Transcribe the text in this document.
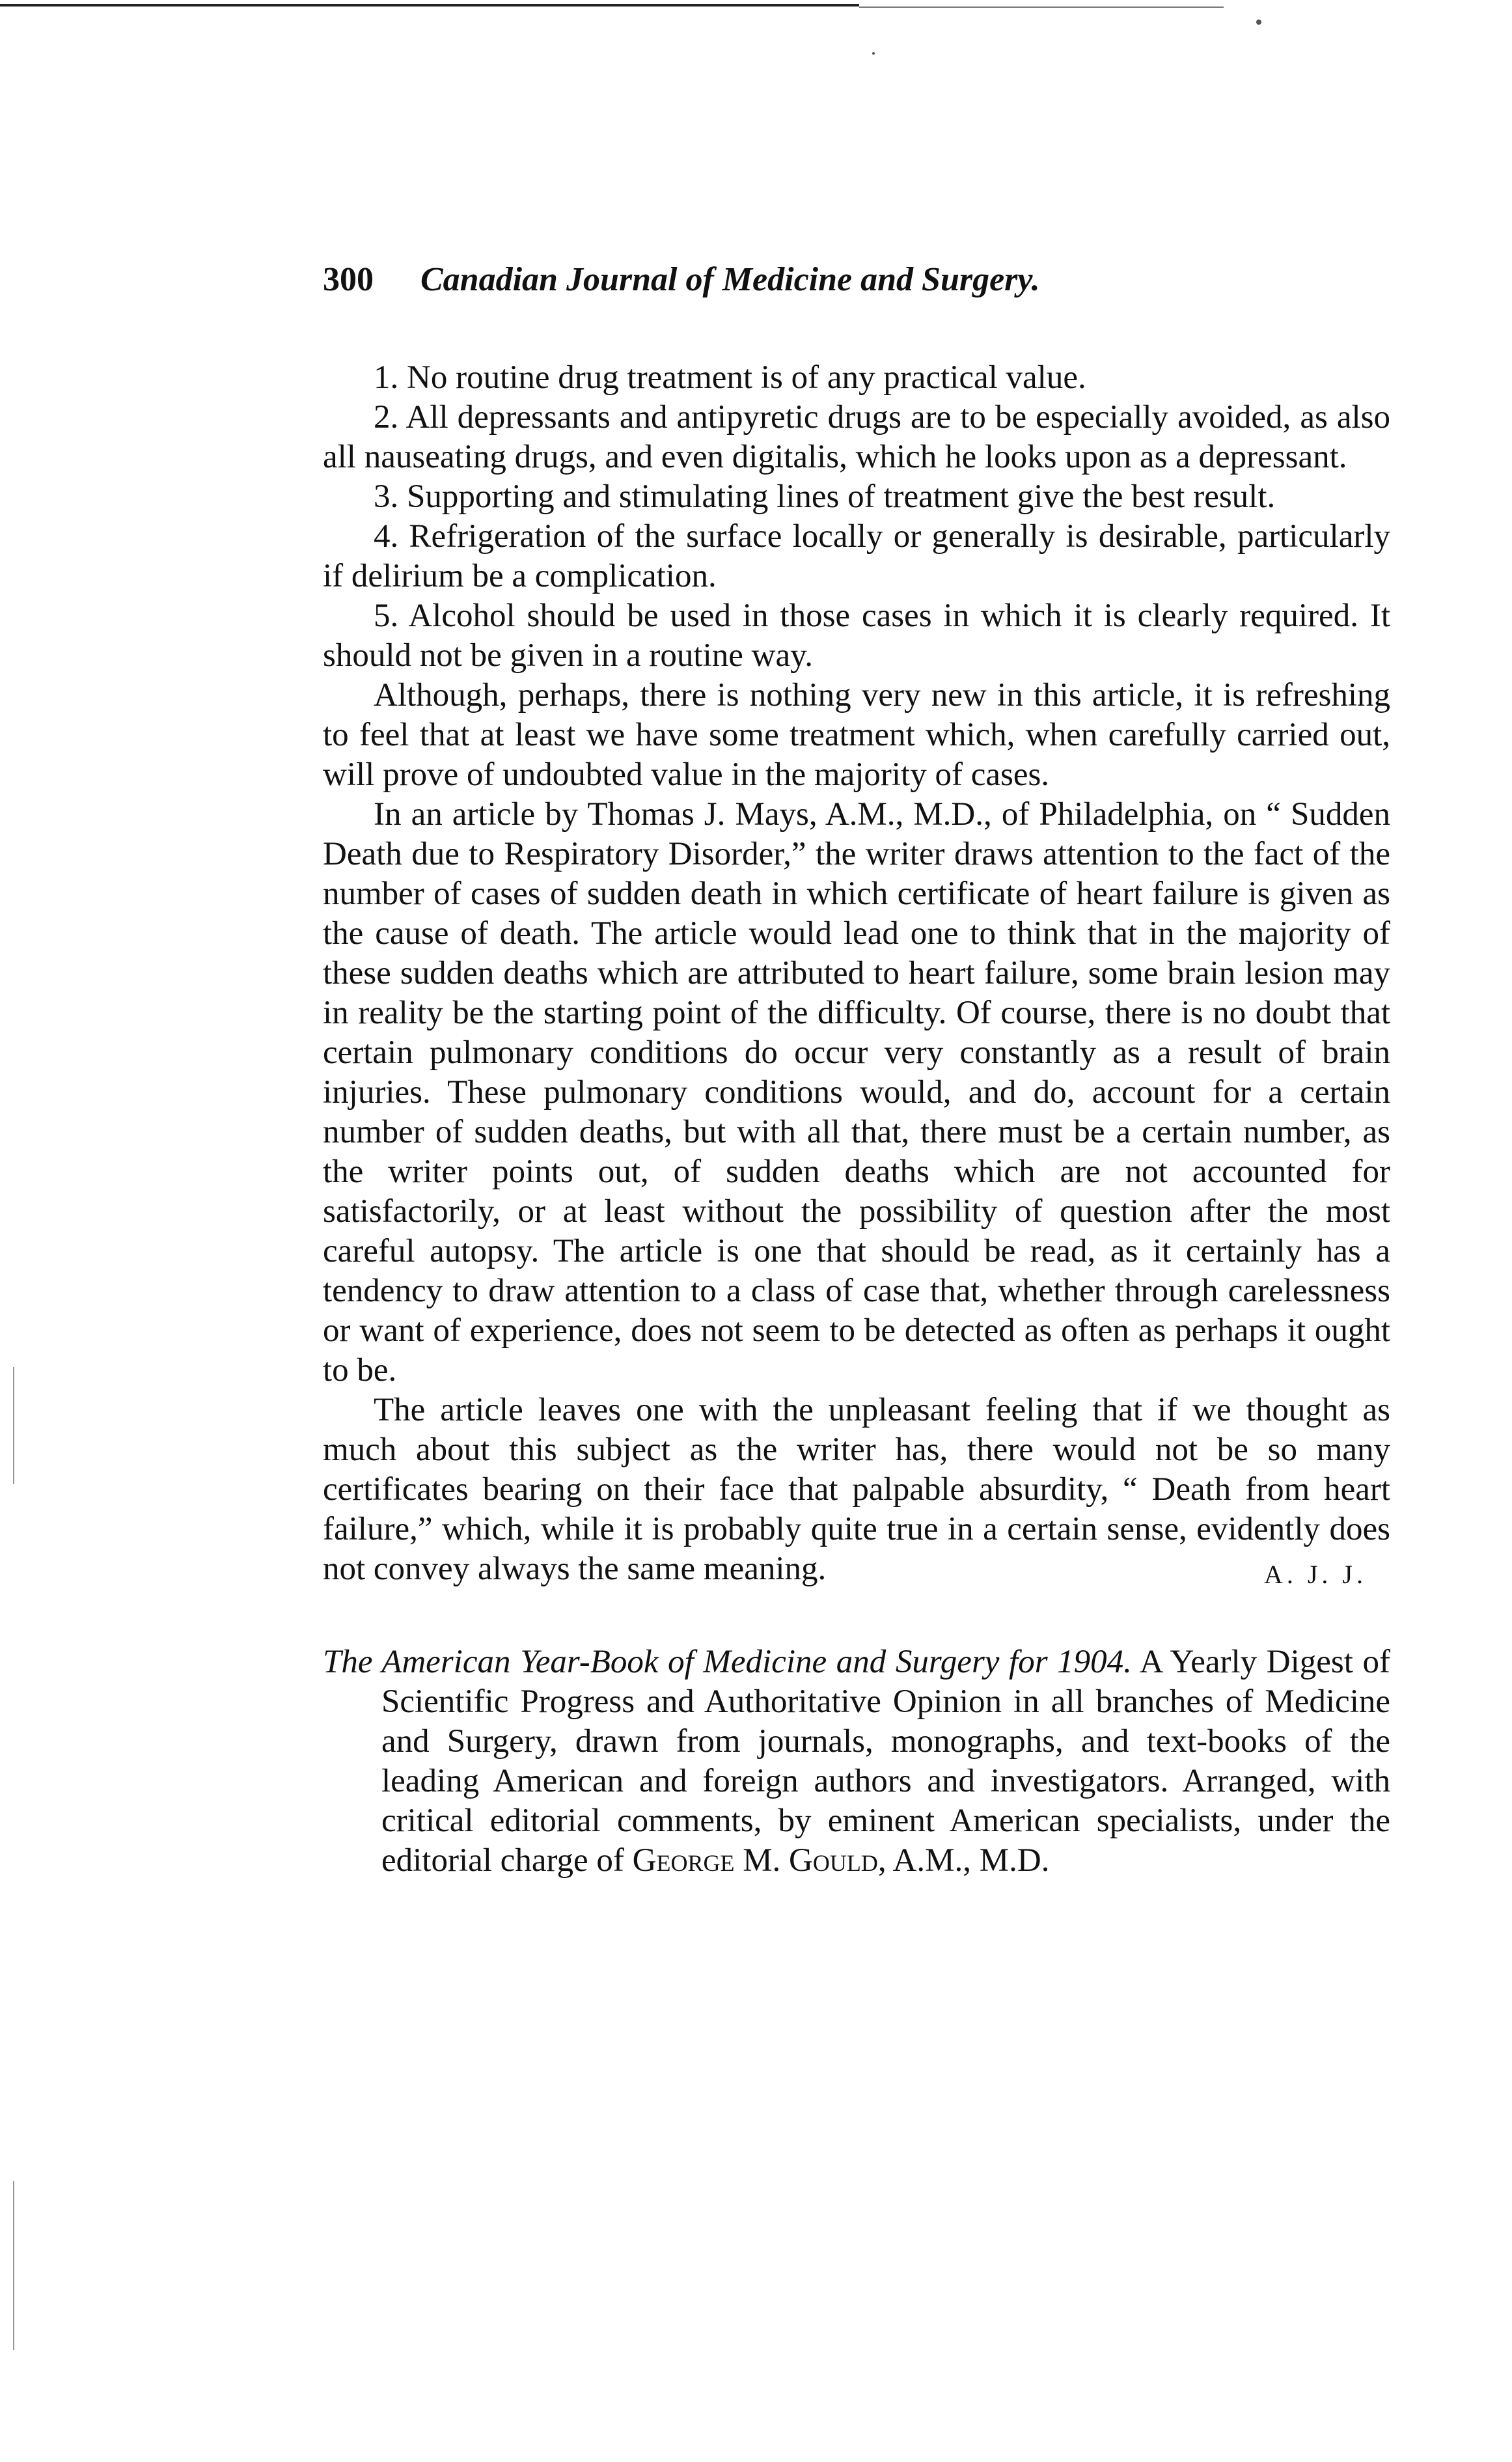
300	Canadian Journal of Medicine and Surgery.

1. No routine drug treatment is of any practical value.

2. All depressants and antipyretic drugs are to be especially avoided, as also all nauseating drugs, and even digitalis, which he looks upon as a depressant.

3. Supporting and stimulating lines of treatment give the best result.

4. Refrigeration of the surface locally or generally is desirable, particularly if delirium be a complication.

5. Alcohol should be used in those cases in which it is clearly required. It should not be given in a routine way.

Although, perhaps, there is nothing very new in this article, it is refreshing to feel that at least we have some treatment which, when carefully carried out, will prove of undoubted value in the majority of cases.

In an article by Thomas J. Mays, A.M., M.D., of Philadelphia, on “ Sudden Death due to Respiratory Disorder,” the writer draws attention to the fact of the number of cases of sudden death in which certificate of heart failure is given as the cause of death. The article would lead one to think that in the majority of these sudden deaths which are attributed to heart failure, some brain lesion may in reality be the starting point of the difficulty. Of course, there is no doubt that certain pulmonary conditions do occur very constantly as a result of brain injuries. These pulmonary conditions would, and do, account for a certain number of sudden deaths, but with all that, there must be a certain number, as the writer points out, of sudden deaths which are not accounted for satisfactorily, or at least without the possibility of question after the most careful autopsy. The article is one that should be read, as it certainly has a tendency to draw attention to a class of case that, whether through carelessness or want of experience, does not seem to be detected as often as perhaps it ought to be.

The article leaves one with the unpleasant feeling that if we thought as much about this subject as the writer has, there would not be so many certificates bearing on their face that palpable absurdity, “ Death from heart failure,” which, while it is probably quite true in a certain sense, evidently does not convey always the same meaning.	A. J. J.

The American Year-Book of Medicine and Surgery for 1904. A Yearly Digest of Scientific Progress and Authoritative Opinion in all branches of Medicine and Surgery, drawn from journals, monographs, and text-books of the leading American and foreign authors and investigators. Arranged, with critical editorial comments, by eminent American specialists, under the editorial charge of George M. Gould, A.M., M.D.
